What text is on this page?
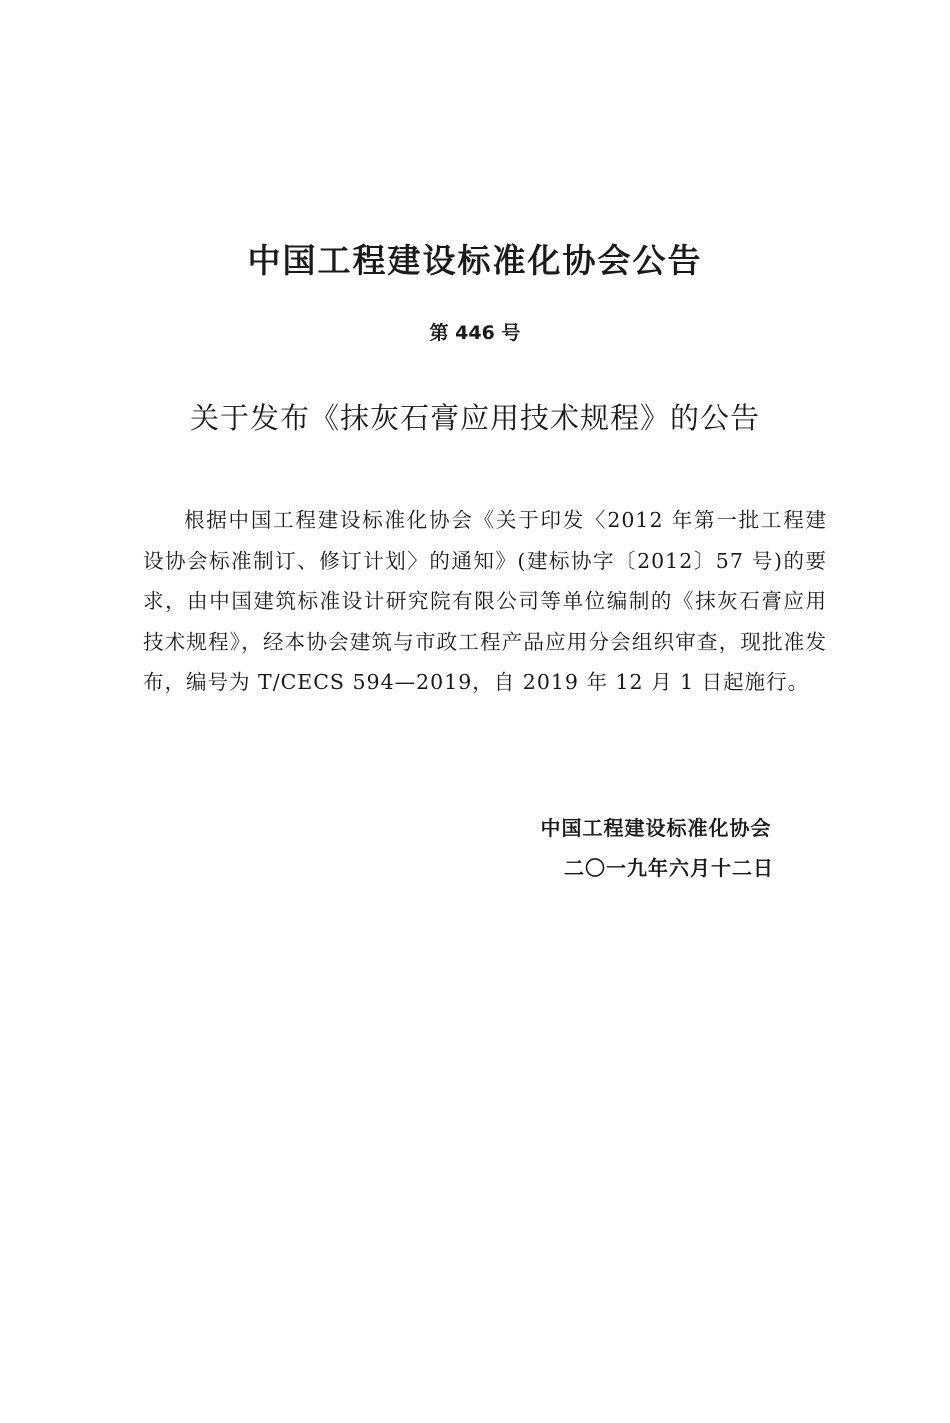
中国工程建设标准化协会公告
第 446 号
关于发布《抹灰石膏应用技术规程》的公告

根据中国工程建设标准化协会《关于印发〈2012 年第一批工程建设协会标准制订、修订计划〉的通知》(建标协字〔2012〕57 号)的要求，由中国建筑标准设计研究院有限公司等单位编制的《抹灰石膏应用技术规程》，经本协会建筑与市政工程产品应用分会组织审查，现批准发布，编号为 T/CECS 594—2019，自 2019 年 12 月 1 日起施行。

中国工程建设标准化协会
二〇一九年六月十二日
